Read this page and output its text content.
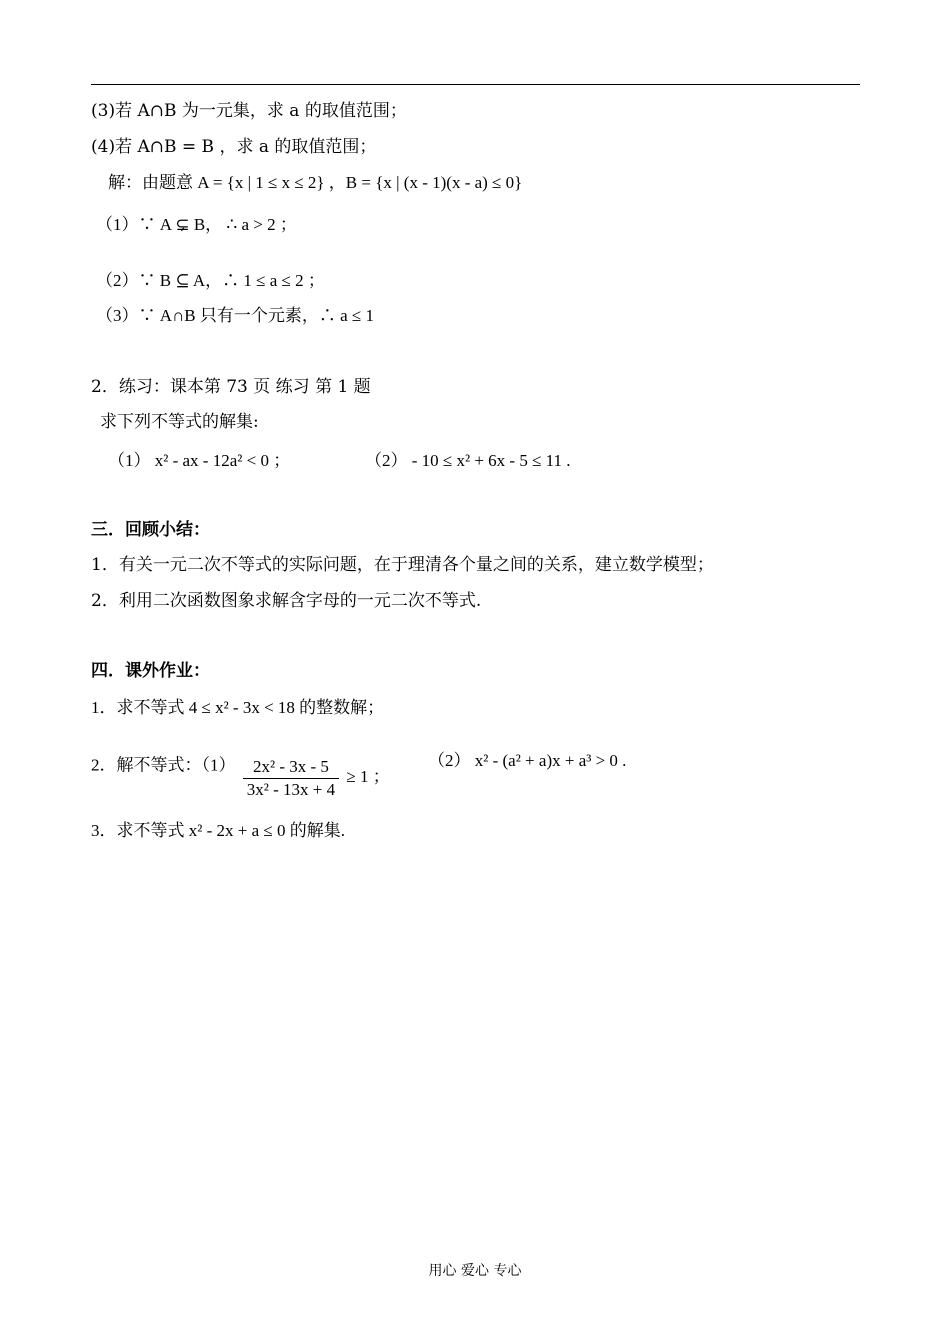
(3)若 A∩B 为一元集，求 a 的取值范围；
(4)若 A∩B = B ，求 a 的取值范围；
解：由题意 A = {x | 1 ≤ x ≤ 2} ，B = {x | (x - 1)(x - a) ≤ 0}
（1）∵ A ⊊ B， ∴ a > 2 ；
（2）∵ B ⊆ A，∴ 1 ≤ a ≤ 2 ；
（3）∵ A∩B 只有一个元素，∴ a ≤ 1
2．练习：课本第 73 页 练习 第 1 题
求下列不等式的解集:
（1） x² - ax - 12a² < 0 ；	（2） - 10 ≤ x² + 6x - 5 ≤ 11 .
三．回顾小结：
1．有关一元二次不等式的实际问题，在于理清各个量之间的关系，建立数学模型；
2．利用二次函数图象求解含字母的一元二次不等式.
四．课外作业：
1．求不等式 4 ≤ x² - 3x < 18 的整数解；
2．解不等式：$(1) \frac{\text{2x² - 3x - 5}}{\text{3x² - 13x + 4}} \ge 1$ ；
（2） x² - (a² + a)x + a³ > 0 .
3．求不等式 x² - 2x + a ≤ 0 的解集.
用心 爱心 专心
